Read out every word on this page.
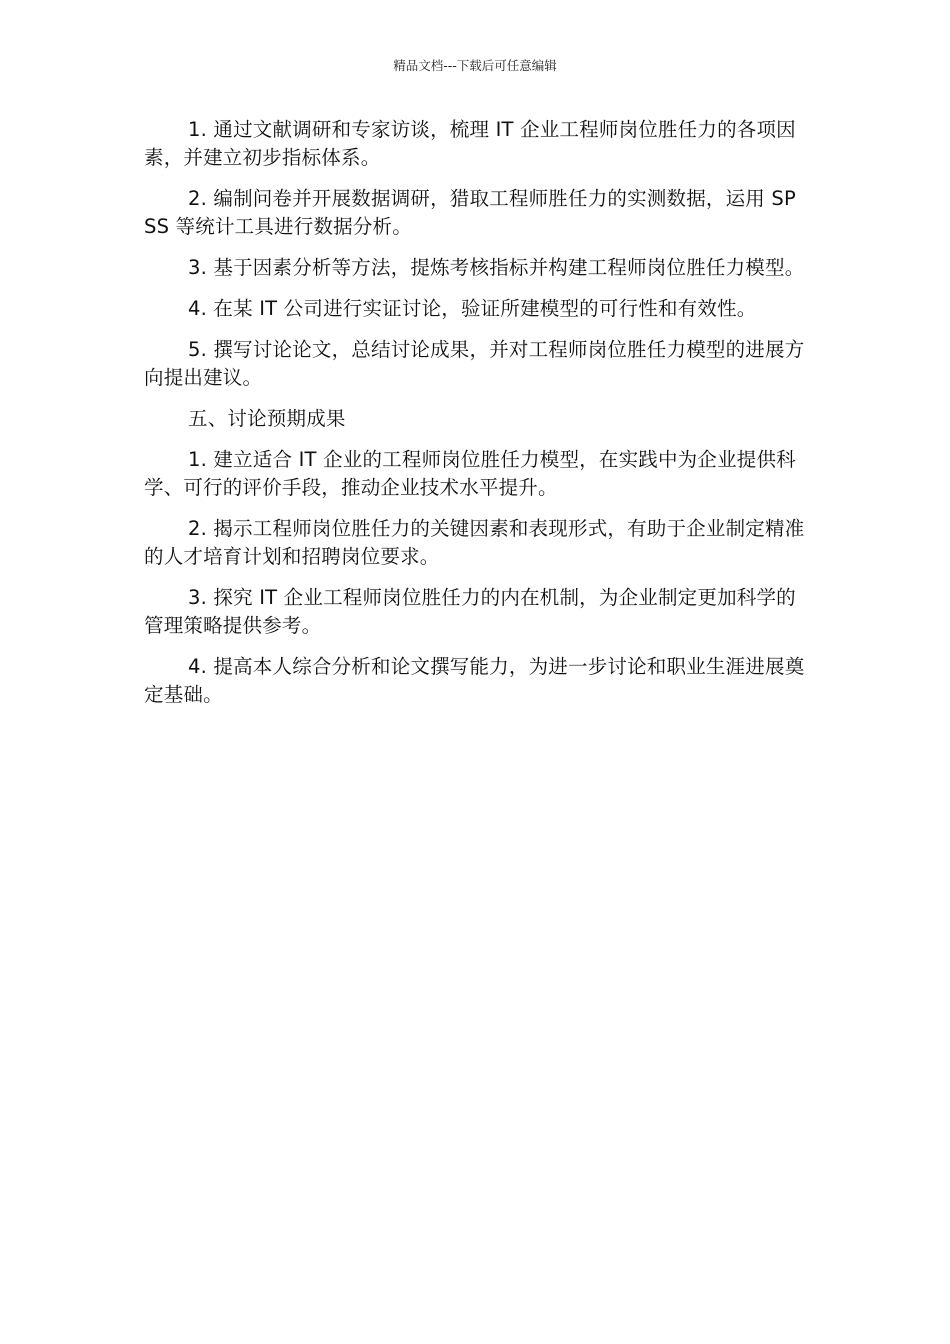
精品文档---下载后可任意编辑

1. 通过文献调研和专家访谈，梳理 IT 企业工程师岗位胜任力的各项因素，并建立初步指标体系。

2. 编制问卷并开展数据调研，猎取工程师胜任力的实测数据，运用 SPSS 等统计工具进行数据分析。

3. 基于因素分析等方法，提炼考核指标并构建工程师岗位胜任力模型。

4. 在某 IT 公司进行实证讨论，验证所建模型的可行性和有效性。

5. 撰写讨论论文，总结讨论成果，并对工程师岗位胜任力模型的进展方向提出建议。

五、讨论预期成果

1. 建立适合 IT 企业的工程师岗位胜任力模型，在实践中为企业提供科学、可行的评价手段，推动企业技术水平提升。

2. 揭示工程师岗位胜任力的关键因素和表现形式，有助于企业制定精准的人才培育计划和招聘岗位要求。

3. 探究 IT 企业工程师岗位胜任力的内在机制，为企业制定更加科学的管理策略提供参考。

4. 提高本人综合分析和论文撰写能力，为进一步讨论和职业生涯进展奠定基础。
